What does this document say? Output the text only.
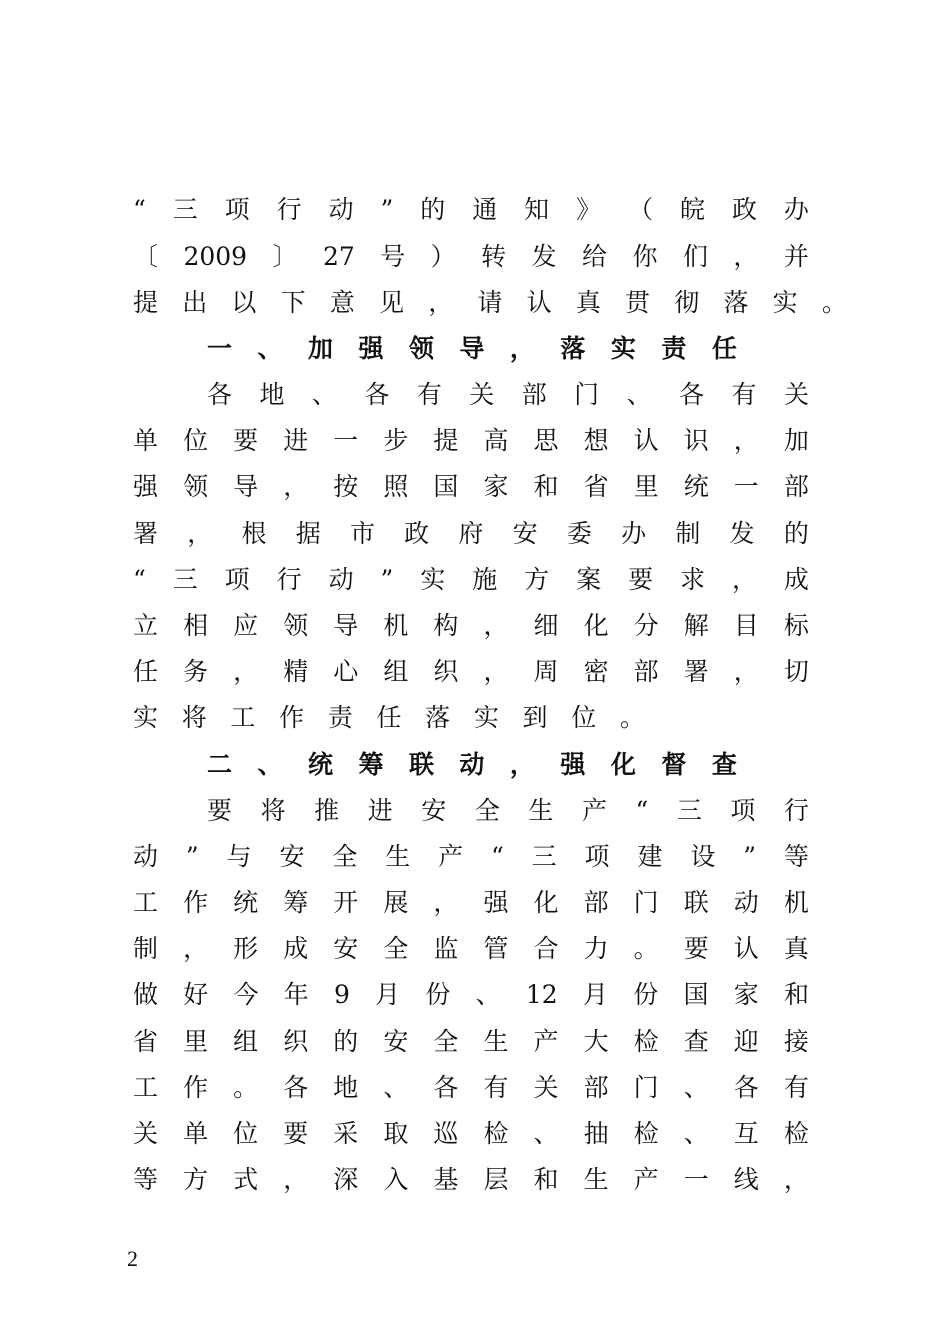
“ 三 项 行 动 ” 的 通 知 》 （ 皖 政 办
〔 2009 〕 27 号 ） 转 发 给 你 们 ， 并
提 出 以 下 意 见 ， 请 认 真 贯 彻 落 实 。
一 、 加 强 领 导 ， 落 实 责 任
各 地 、 各 有 关 部 门 、 各 有 关
单 位 要 进 一 步 提 高 思 想 认 识 ， 加
强 领 导 ， 按 照 国 家 和 省 里 统 一 部
署 ， 根 据 市 政 府 安 委 办 制 发 的
“ 三 项 行 动 ” 实 施 方 案 要 求 ， 成
立 相 应 领 导 机 构 ， 细 化 分 解 目 标
任 务 ， 精 心 组 织 ， 周 密 部 署 ， 切
实 将 工 作 责 任 落 实 到 位 。
二 、 统 筹 联 动 ， 强 化 督 查
要 将 推 进 安 全 生 产 “ 三 项 行
动 ” 与 安 全 生 产 “ 三 项 建 设 ” 等
工 作 统 筹 开 展 ， 强 化 部 门 联 动 机
制 ， 形 成 安 全 监 管 合 力 。 要 认 真
做 好 今 年 9 月 份 、 12 月 份 国 家 和
省 里 组 织 的 安 全 生 产 大 检 查 迎 接
工 作 。 各 地 、 各 有 关 部 门 、 各 有
关 单 位 要 采 取 巡 检 、 抽 检 、 互 检
等 方 式 ， 深 入 基 层 和 生 产 一 线 ，
2
